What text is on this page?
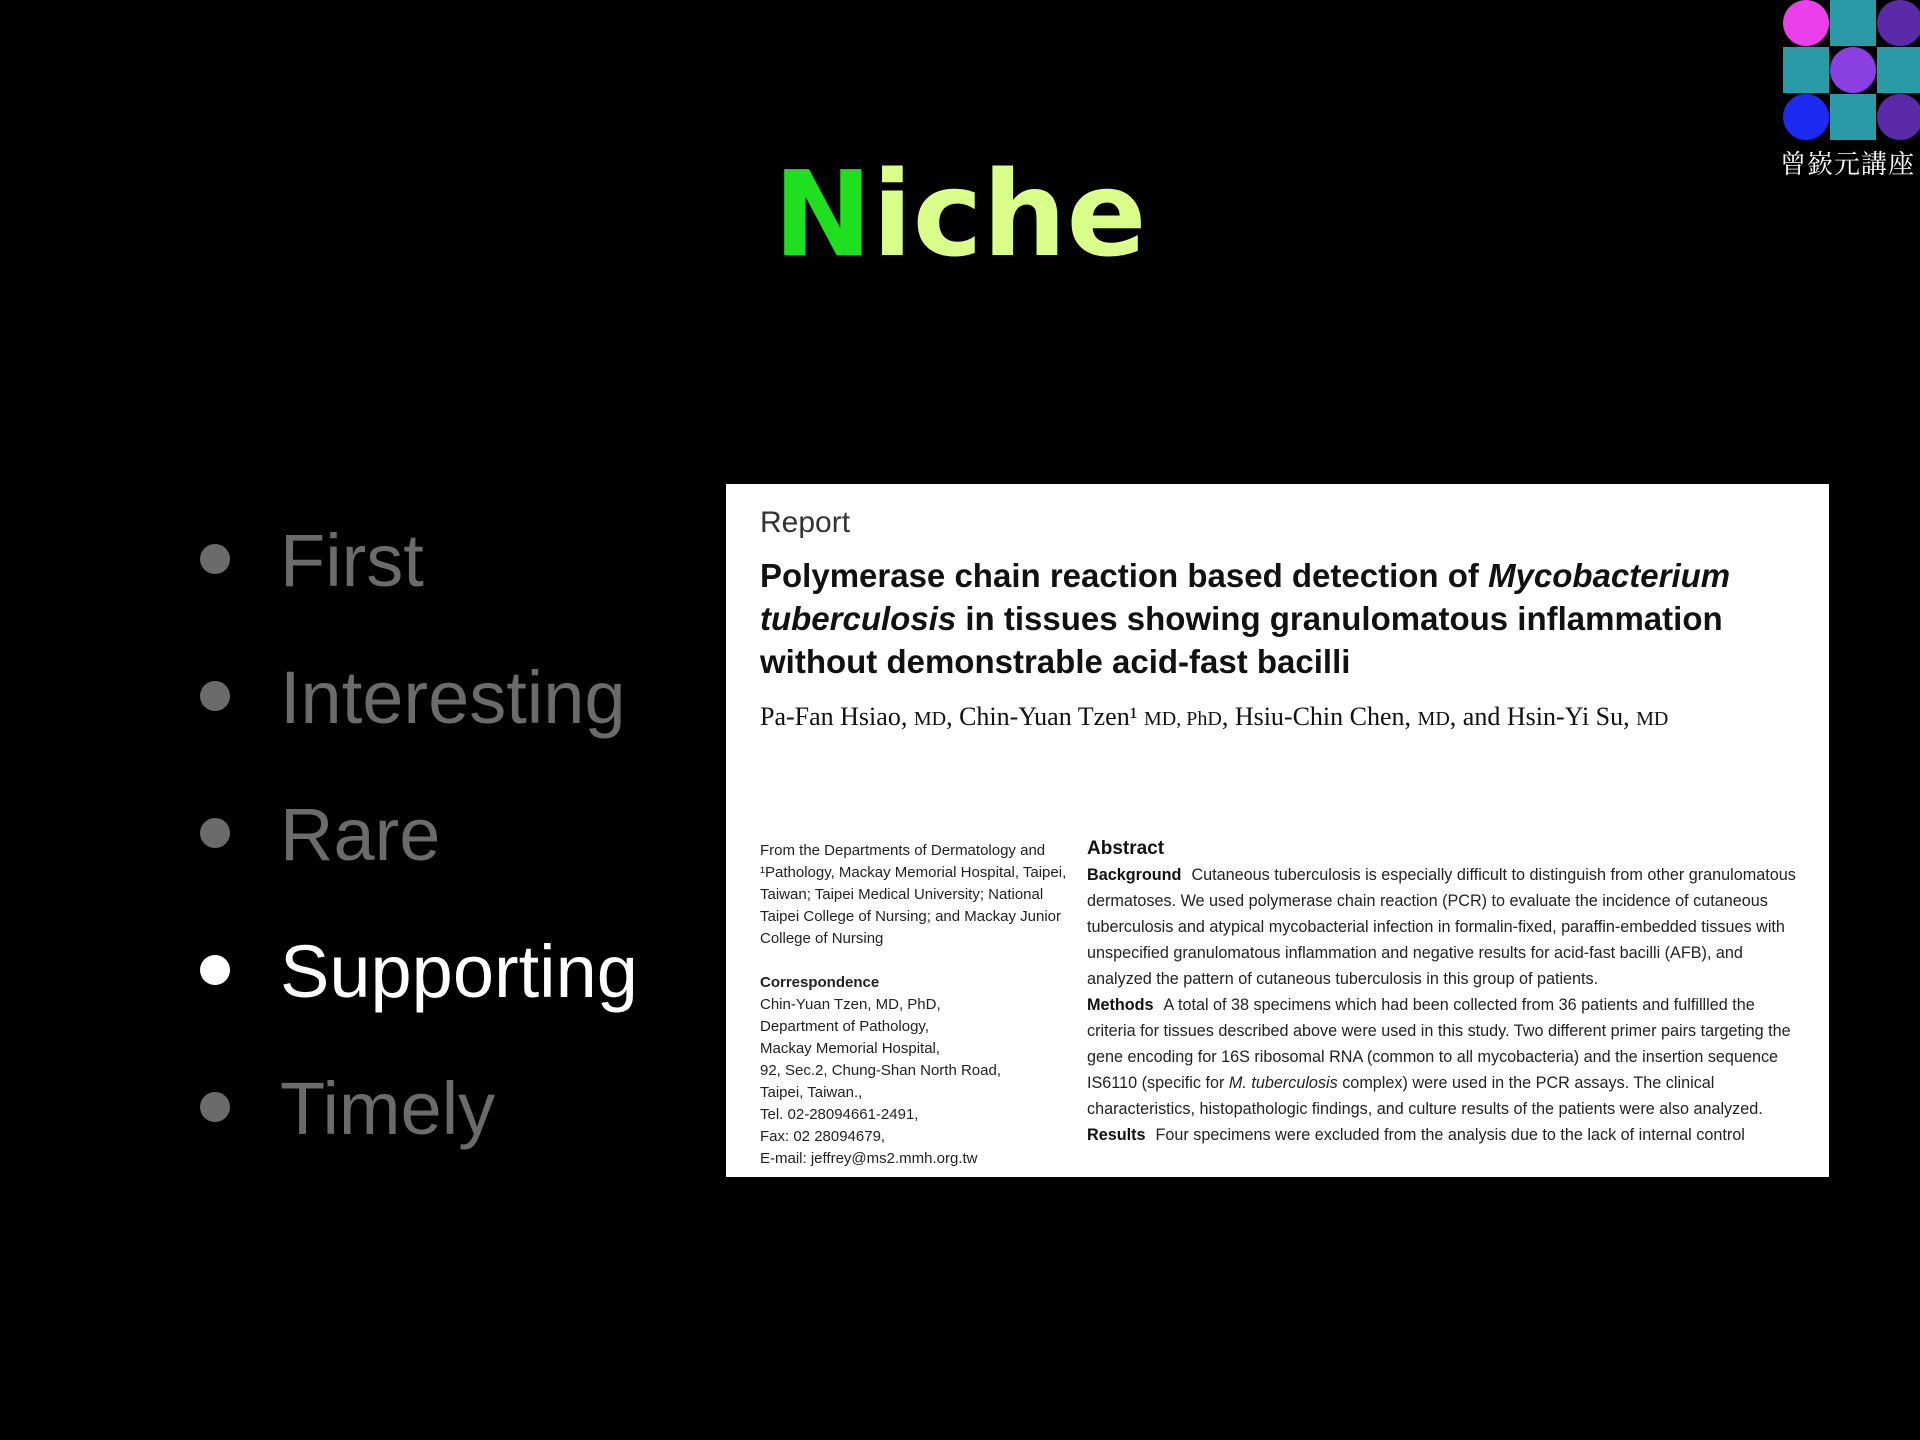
曾嶔元講座
Niche
First
Interesting
Rare
Supporting
Timely
Report
Polymerase chain reaction based detection of Mycobacterium tuberculosis in tissues showing granulomatous inflammation without demonstrable acid-fast bacilli
Pa-Fan Hsiao, MD, Chin-Yuan Tzen¹ MD, PhD, Hsiu-Chin Chen, MD, and Hsin-Yi Su, MD
From the Departments of Dermatology and ¹Pathology, Mackay Memorial Hospital, Taipei, Taiwan; Taipei Medical University; National Taipei College of Nursing; and Mackay Junior College of Nursing
Correspondence
Chin-Yuan Tzen, MD, PhD,
Department of Pathology,
Mackay Memorial Hospital,
92, Sec.2, Chung-Shan North Road,
Taipei, Taiwan.,
Tel. 02-28094661-2491,
Fax: 02 28094679,
E-mail: jeffrey@ms2.mmh.org.tw
Abstract

Background Cutaneous tuberculosis is especially difficult to distinguish from other granulomatous dermatoses. We used polymerase chain reaction (PCR) to evaluate the incidence of cutaneous tuberculosis and atypical mycobacterial infection in formalin-fixed, paraffin-embedded tissues with unspecified granulomatous inflammation and negative results for acid-fast bacilli (AFB), and analyzed the pattern of cutaneous tuberculosis in this group of patients.

Methods A total of 38 specimens which had been collected from 36 patients and fulfillled the criteria for tissues described above were used in this study. Two different primer pairs targeting the gene encoding for 16S ribosomal RNA (common to all mycobacteria) and the insertion sequence IS6110 (specific for M. tuberculosis complex) were used in the PCR assays. The clinical characteristics, histopathologic findings, and culture results of the patients were also analyzed.

Results Four specimens were excluded from the analysis due to the lack of internal control
